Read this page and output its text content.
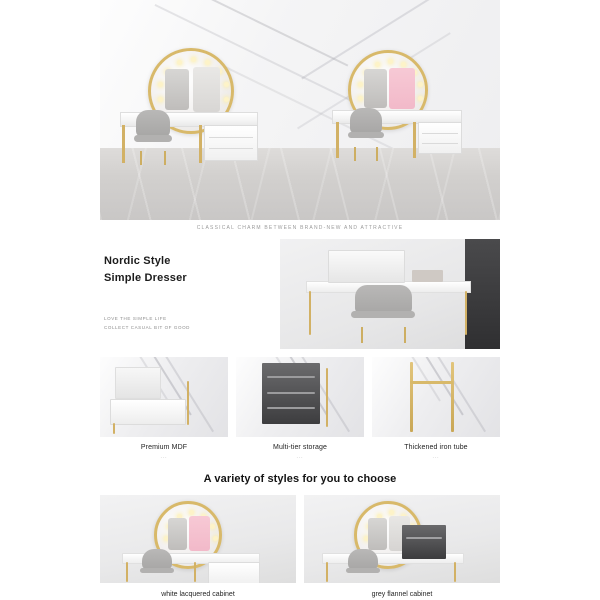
CLASSICAL CHARM BETWEEN BRAND-NEW AND ATTRACTIVE
Nordic Style
Simple Dresser
LOVE THE SIMPLE LIFE
COLLECT CASUAL BIT OF GOOD
Premium MDF
---
Multi-tier storage
---
Thickened iron tube
---
A variety of styles for you to choose
white lacquered cabinet	grey flannel cabinet
